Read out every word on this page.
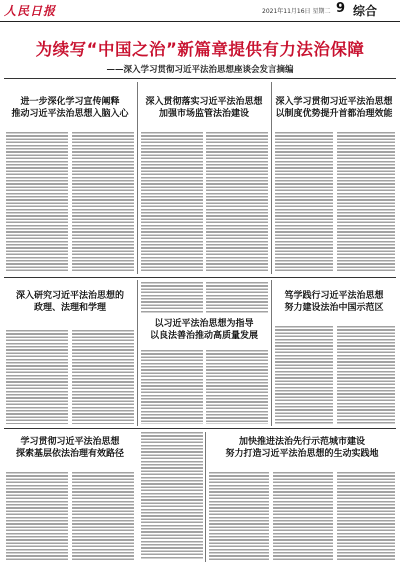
人民日报	2021年11月16日 星期二 9 综合
为续写“中国之治”新篇章提供有力法治保障
——深入学习贯彻习近平法治思想座谈会发言摘编
进一步深化学习宣传阐释
推动习近平法治思想入脑入心
深入贯彻落实习近平法治思想
加强市场监管法治建设
深入学习贯彻习近平法治思想
以制度优势提升首都治理效能
深入研究习近平法治思想的
政理、法理和学理
以习近平法治思想为指导
以良法善治推动高质量发展
笃学践行习近平法治思想
努力建设法治中国示范区
学习贯彻习近平法治思想
探索基层依法治理有效路径
加快推进法治先行示范城市建设
努力打造习近平法治思想的生动实践地
